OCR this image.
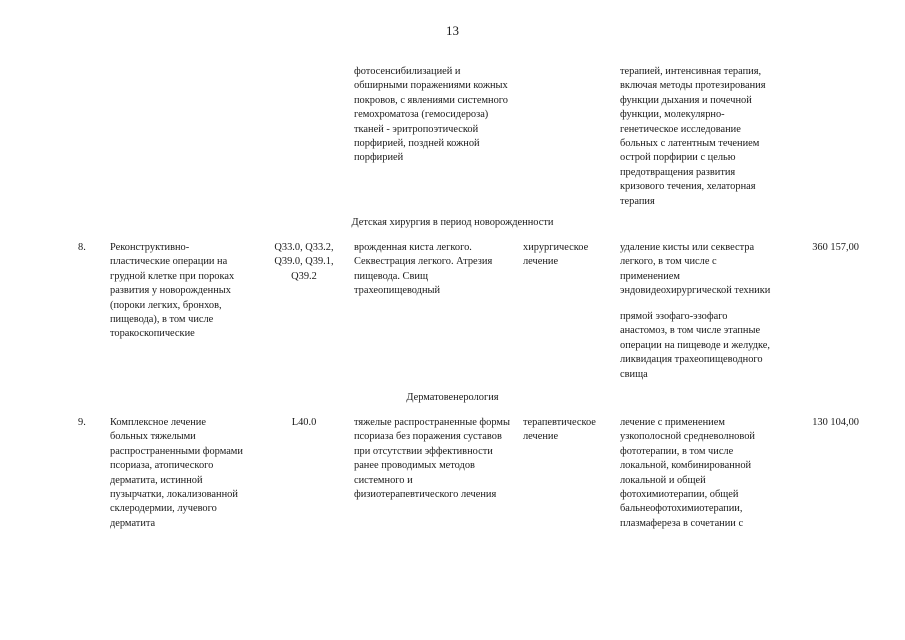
13
фотосенсибилизацией и
обширными поражениями кожных
покровов, с явлениями системного
гемохроматоза (гемосидероза)
тканей - эритропоэтической
порфирией, поздней кожной
порфирией
терапией, интенсивная терапия,
включая методы протезирования
функции дыхания и почечной
функции, молекулярно-
генетическое исследование
больных с латентным течением
острой порфирии с целью
предотвращения развития
кризового течения, хелаторная
терапия
Детская хирургия в период новорожденности
8. Реконструктивно-
пластические операции на
грудной клетке при пороках
развития у новорожденных
(пороки легких, бронхов,
пищевода), в том числе
торакоскопические
Q33.0, Q33.2,
Q39.0, Q39.1,
Q39.2
врожденная киста легкого.
Секвестрация легкого. Атрезия
пищевода. Свищ
трахеопищеводный
хирургическое
лечение
удаление кисты или секвестра
легкого, в том числе с
применением
эндовидеохирургической техники
прямой эзофаго-эзофаго
анастомоз, в том числе этапные
операции на пищеводе и желудке,
ликвидация трахеопищеводного
свища
360 157,00
Дерматовенерология
9. Комплексное лечение
больных тяжелыми
распространенными формами
псориаза, атопического
дерматита, истинной
пузырчатки, локализованной
склеродермии, лучевого
дерматита
L40.0	тяжелые распространенные формы
псориаза без поражения суставов
при отсутствии эффективности
ранее проводимых методов
системного и
физиотерапевтического лечения
терапевтическое
лечение
лечение с применением
узкополосной средневолновой
фототерапии, в том числе
локальной, комбинированной
локальной и общей
фотохимиотерапии, общей
бальнеофотохимиотерапии,
плазмафереза в сочетании с
130 104,00
